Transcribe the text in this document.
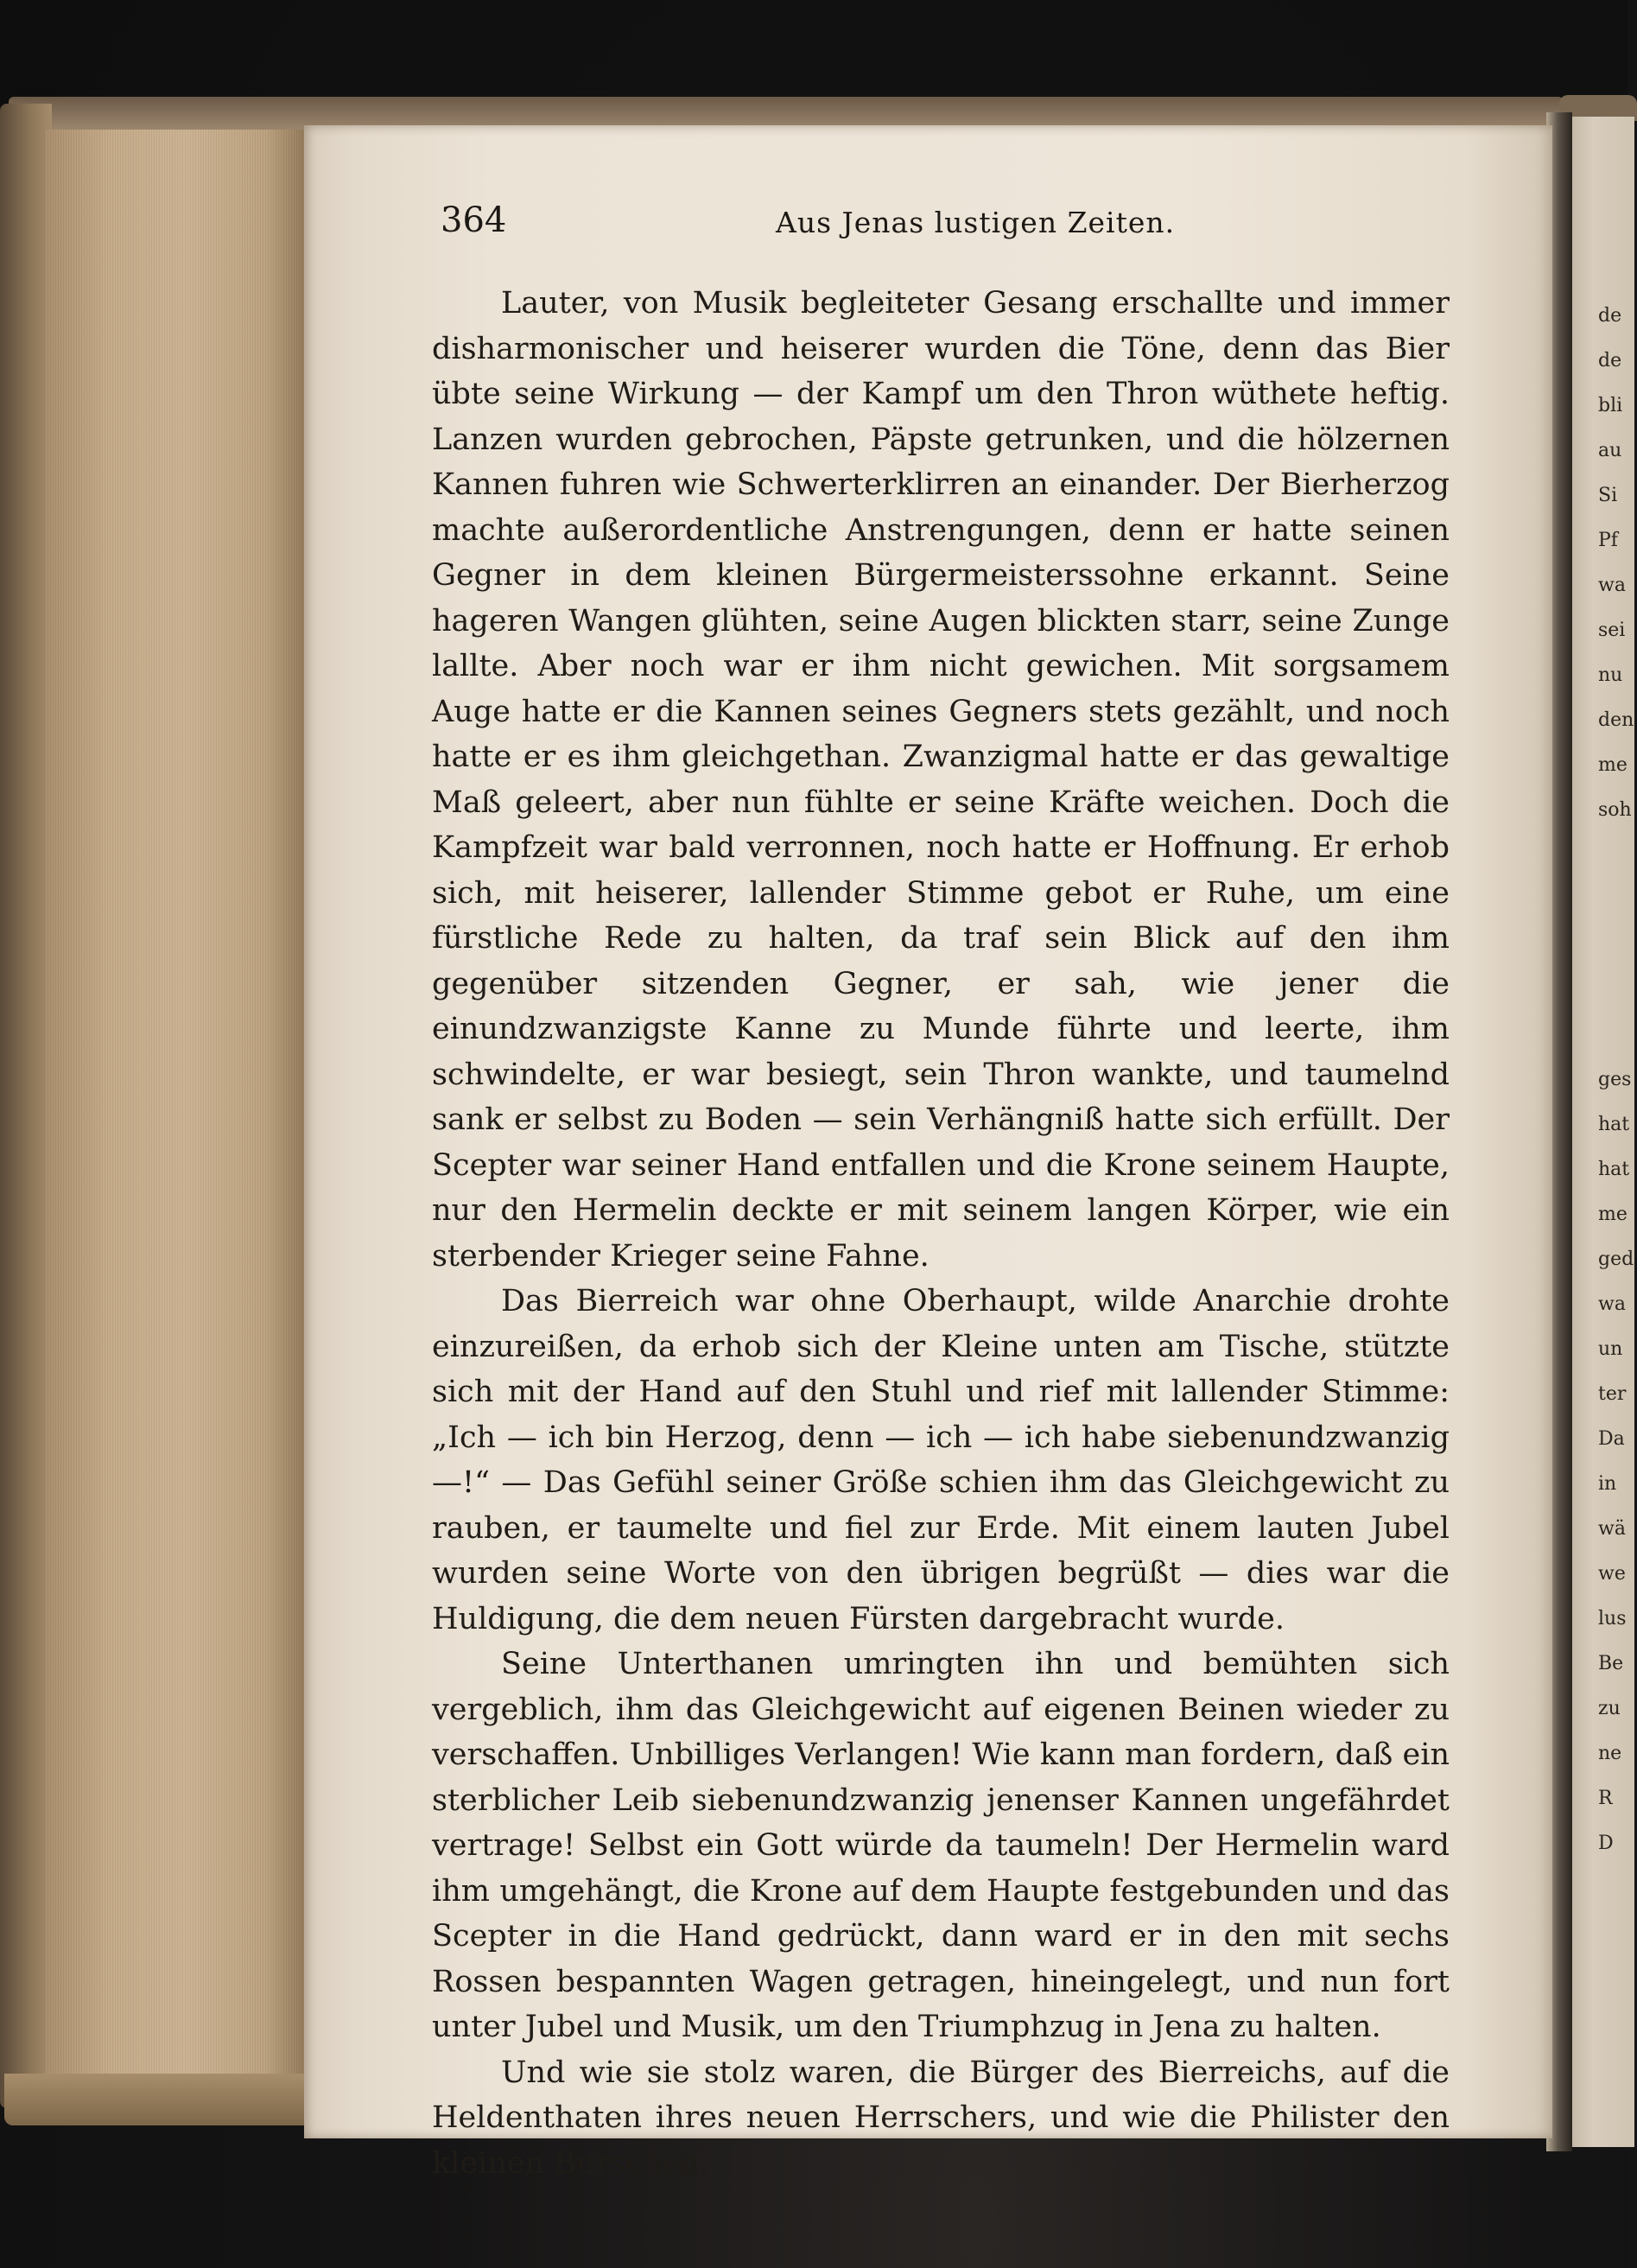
364	Aus Jenas lustigen Zeiten.

Lauter, von Musik begleiteter Gesang erschallte und immer disharmonischer und heiserer wurden die Töne, denn das Bier übte seine Wirkung — der Kampf um den Thron wüthete heftig. Lanzen wurden gebrochen, Päpste getrunken, und die hölzernen Kannen fuhren wie Schwerterklirren an einander. Der Bierherzog machte außerordentliche Anstrengungen, denn er hatte seinen Gegner in dem kleinen Bürgermeisterssohne erkannt. Seine hageren Wangen glühten, seine Augen blickten starr, seine Zunge lallte. Aber noch war er ihm nicht gewichen. Mit sorgsamem Auge hatte er die Kannen seines Gegners stets gezählt, und noch hatte er es ihm gleichgethan. Zwanzigmal hatte er das gewaltige Maß geleert, aber nun fühlte er seine Kräfte weichen. Doch die Kampfzeit war bald verronnen, noch hatte er Hoffnung. Er erhob sich, mit heiserer, lallender Stimme gebot er Ruhe, um eine fürstliche Rede zu halten, da traf sein Blick auf den ihm gegenüber sitzenden Gegner, er sah, wie jener die einundzwanzigste Kanne zu Munde führte und leerte, ihm schwindelte, er war besiegt, sein Thron wankte, und taumelnd sank er selbst zu Boden — sein Verhängniß hatte sich erfüllt. Der Scepter war seiner Hand entfallen und die Krone seinem Haupte, nur den Hermelin deckte er mit seinem langen Körper, wie ein sterbender Krieger seine Fahne.

Das Bierreich war ohne Oberhaupt, wilde Anarchie drohte einzureißen, da erhob sich der Kleine unten am Tische, stützte sich mit der Hand auf den Stuhl und rief mit lallender Stimme: „Ich — ich bin Herzog, denn — ich — ich habe siebenundzwanzig —!“ — Das Gefühl seiner Größe schien ihm das Gleichgewicht zu rauben, er taumelte und fiel zur Erde. Mit einem lauten Jubel wurden seine Worte von den übrigen begrüßt — dies war die Huldigung, die dem neuen Fürsten dargebracht wurde.

Seine Unterthanen umringten ihn und bemühten sich vergeblich, ihm das Gleichgewicht auf eigenen Beinen wieder zu verschaffen. Unbilliges Verlangen! Wie kann man fordern, daß ein sterblicher Leib siebenundzwanzig jenenser Kannen ungefährdet vertrage! Selbst ein Gott würde da taumeln! Der Hermelin ward ihm umgehängt, die Krone auf dem Haupte festgebunden und das Scepter in die Hand gedrückt, dann ward er in den mit sechs Rossen bespannten Wagen getragen, hineingelegt, und nun fort unter Jubel und Musik, um den Triumphzug in Jena zu halten.

Und wie sie stolz waren, die Bürger des Bierreichs, auf die Heldenthaten ihres neuen Herrschers, und wie die Philister den kleinen Burschen,

de
de
bli
au
Si
Pf
wa
sei
nu
den
me
soh
ges
hat
hat
me
ged
wa
un
ter
Da
in
wä
we
lus
Be
zu
ne
R
D
